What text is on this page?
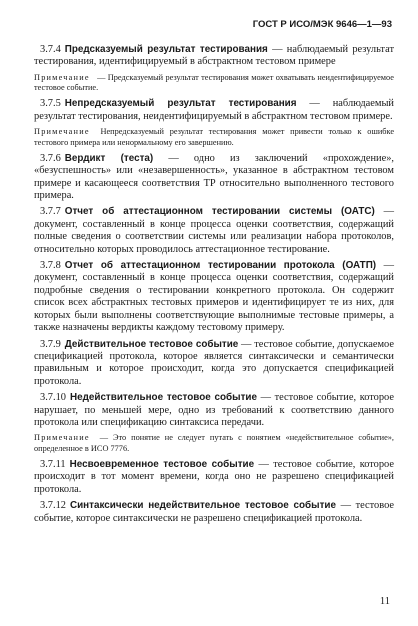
ГОСТ Р ИСО/МЭК 9646—1—93

3.7.4 Предсказуемый результат тестирования — наблюдаемый результат тестирования, идентифицируемый в абстрактном тестовом примере

Примечание — Предсказуемый результат тестирования может охватывать неидентифицируемое тестовое событие.

3.7.5 Непредсказуемый результат тестирования — наблюдаемый результат тестирования, неидентифицируемый в абстрактном тестовом примере.

Примечание Непредсказуемый результат тестирования может привести только к ошибке тестового примера или ненормальному его завершению.

3.7.6 Вердикт (теста) — одно из заключений «прохождение», «безуспешность» или «незавершенность», указанное в абстрактном тестовом примере и касающееся соответствия ТР относительно выполненного тестового примера.

3.7.7 Отчет об аттестационном тестировании системы (ОАТС) — документ, составленный в конце процесса оценки соответствия, содержащий полные сведения о соответствии системы или реализации набора протоколов, относительно которых проводилось аттестационное тестирование.

3.7.8 Отчет об аттестационном тестировании протокола (ОАТП) — документ, составленный в конце процесса оценки соответствия, содержащий подробные сведения о тестировании конкретного протокола. Он содержит список всех абстрактных тестовых примеров и идентифицирует те из них, для которых были выполнены соответствующие выполнимые тестовые примеры, а также назначены вердикты каждому тестовому примеру.

3.7.9 Действительное тестовое событие — тестовое событие, допускаемое спецификацией протокола, которое является синтаксически и семантически правильным и которое происходит, когда это допускается спецификацией протокола.

3.7.10 Недействительное тестовое событие — тестовое событие, которое нарушает, по меньшей мере, одно из требований к соответствию данного протокола или спецификацию синтаксиса передачи.

Примечание — Это понятие не следует путать с понятием «недействительное событие», определенное в ИСО 7776.

3.7.11 Несвоевременное тестовое событие — тестовое событие, которое происходит в тот момент времени, когда оно не разрешено спецификацией протокола.

3.7.12 Синтаксически недействительное тестовое событие — тестовое событие, которое синтаксически не разрешено спецификацией протокола.

11
